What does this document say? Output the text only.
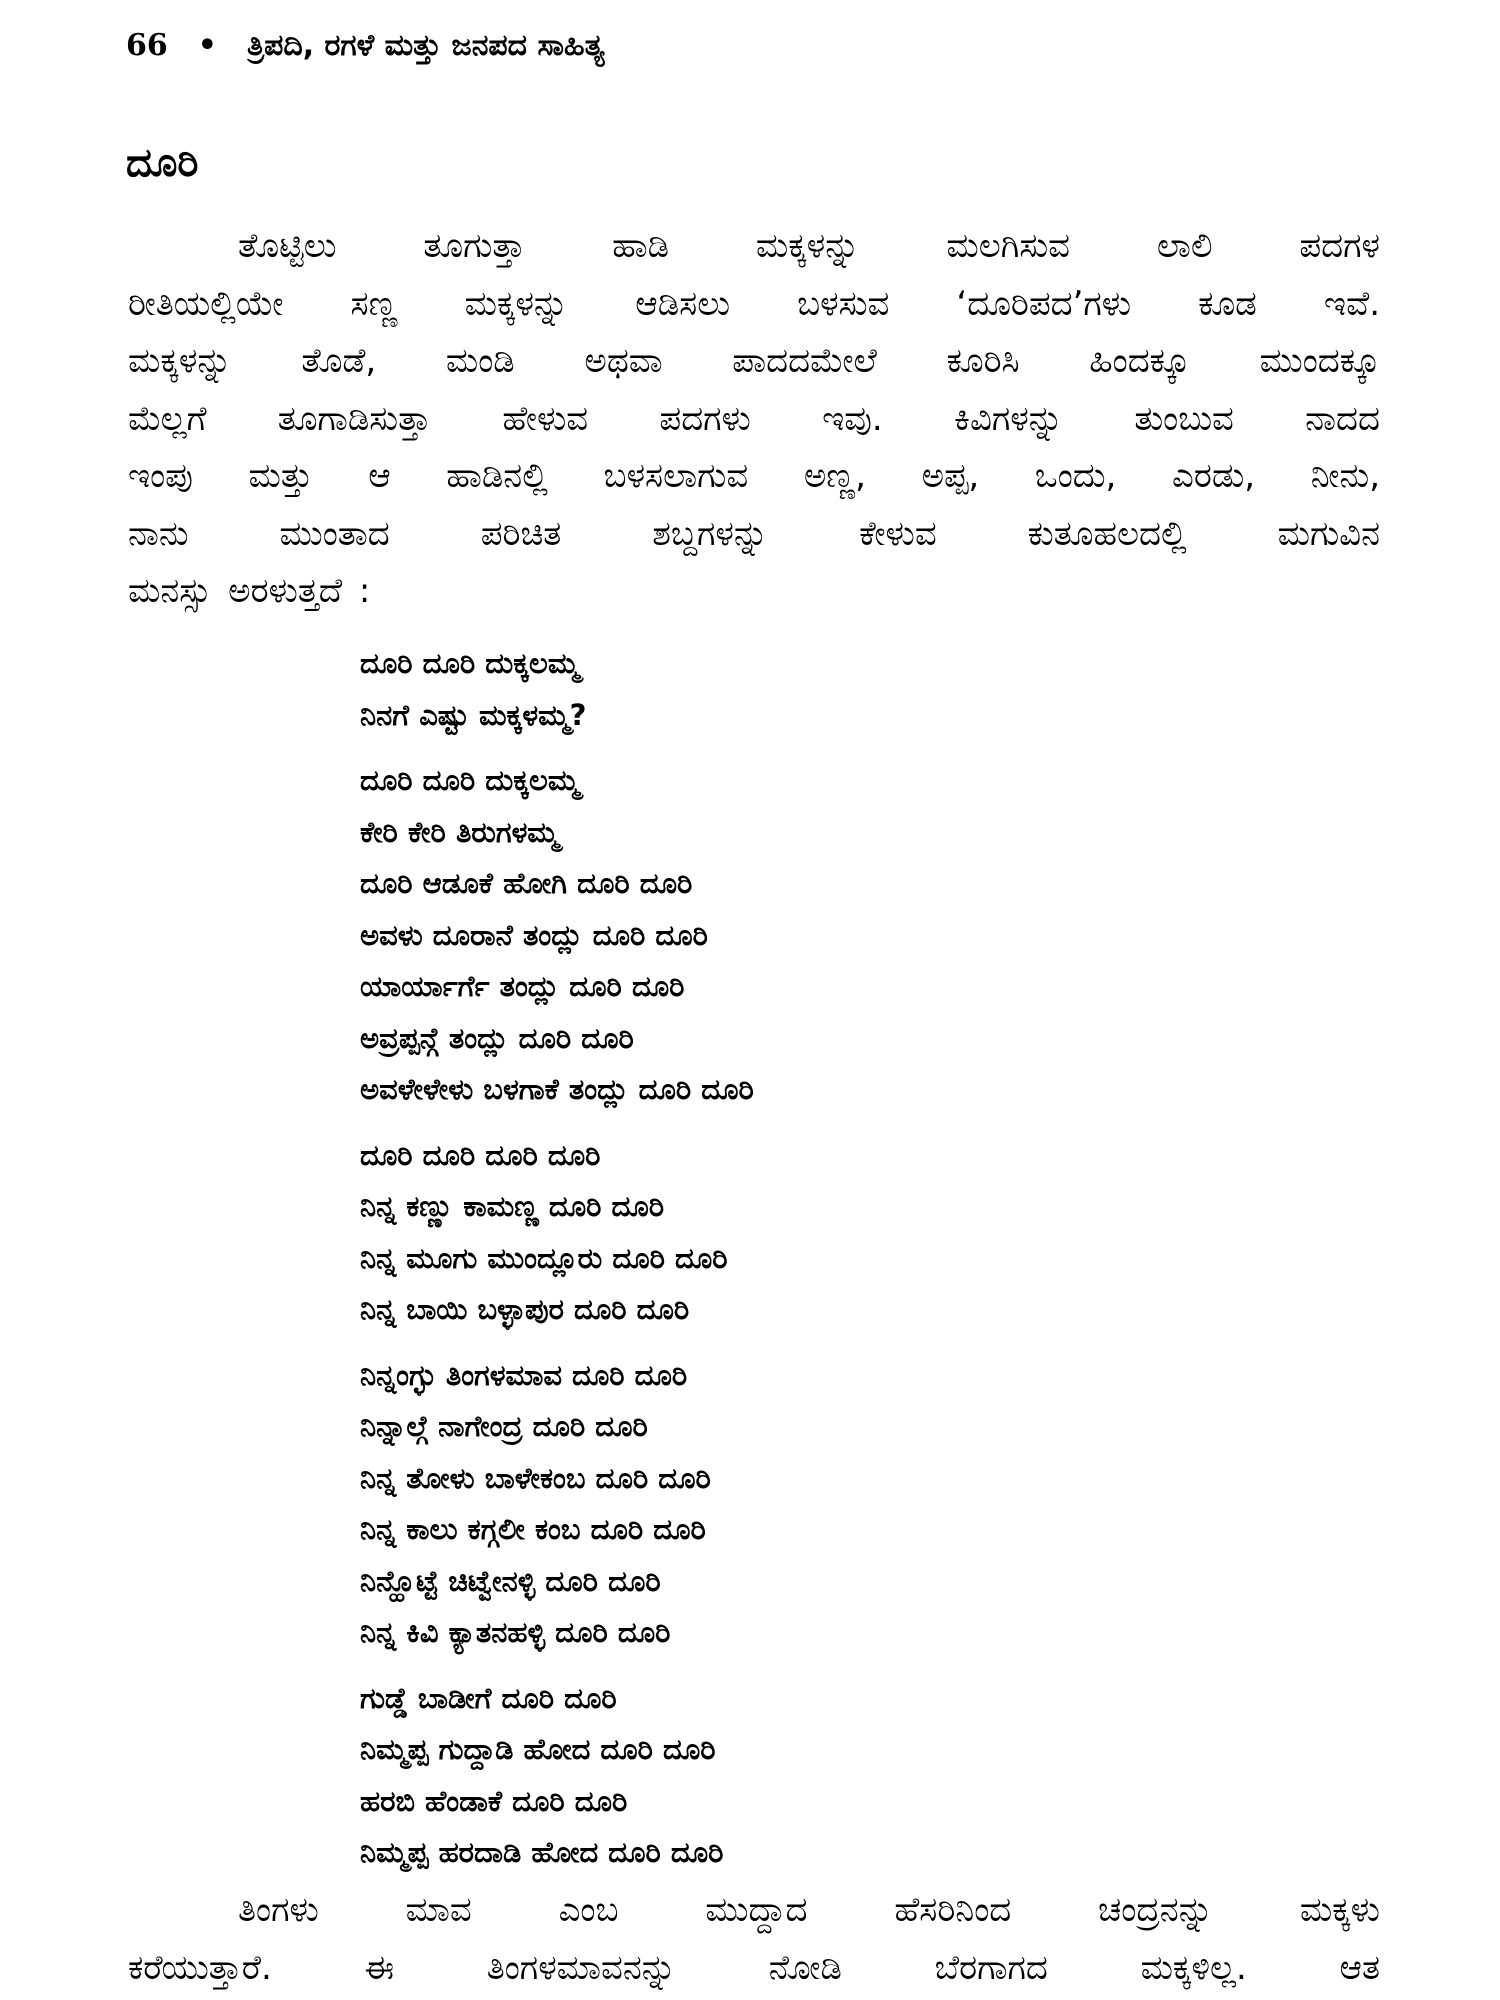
66 • ತ್ರಿಪದಿ, ರಗಳೆ ಮತ್ತು ಜನಪದ ಸಾಹಿತ್ಯ
ದೂರಿ
ತೊಟ್ಟಿಲು ತೂಗುತ್ತಾ ಹಾಡಿ ಮಕ್ಕಳನ್ನು ಮಲಗಿಸುವ ಲಾಲಿ ಪದಗಳ
ರೀತಿಯಲ್ಲಿಯೇ ಸಣ್ಣ ಮಕ್ಕಳನ್ನು ಆಡಿಸಲು ಬಳಸುವ ‘ದೂರಿಪದ’ಗಳು ಕೂಡ ಇವೆ.
ಮಕ್ಕಳನ್ನು ತೊಡೆ, ಮಂಡಿ ಅಥವಾ ಪಾದದಮೇಲೆ ಕೂರಿಸಿ ಹಿಂದಕ್ಕೂ ಮುಂದಕ್ಕೂ
ಮೆಲ್ಲಗೆ ತೂಗಾಡಿಸುತ್ತಾ ಹೇಳುವ ಪದಗಳು ಇವು. ಕಿವಿಗಳನ್ನು ತುಂಬುವ ನಾದದ
ಇಂಪು ಮತ್ತು ಆ ಹಾಡಿನಲ್ಲಿ ಬಳಸಲಾಗುವ ಅಣ್ಣ, ಅಪ್ಪ, ಒಂದು, ಎರಡು, ನೀನು,
ನಾನು ಮುಂತಾದ ಪರಿಚಿತ ಶಬ್ದಗಳನ್ನು ಕೇಳುವ ಕುತೂಹಲದಲ್ಲಿ ಮಗುವಿನ
ಮನಸ್ಸು ಅರಳುತ್ತದೆ :
ದೂರಿ ದೂರಿ ದುಕ್ಕಲಮ್ಮ
ನಿನಗೆ ಎಷ್ಟು ಮಕ್ಕಳಮ್ಮ?
ದೂರಿ ದೂರಿ ದುಕ್ಕಲಮ್ಮ
ಕೇರಿ ಕೇರಿ ತಿರುಗಳಮ್ಮ
ದೂರಿ ಆಡೂಕೆ ಹೋಗಿ ದೂರಿ ದೂರಿ
ಅವಳು ದೂರಾನೆ ತಂದ್ಲು ದೂರಿ ದೂರಿ
ಯಾರ್ಯಾರ್ಗೆ ತಂದ್ಲು ದೂರಿ ದೂರಿ
ಅವ್ರಪ್ಪನ್ಗೆ ತಂದ್ಲು ದೂರಿ ದೂರಿ
ಅವಳೇಳೇಳು ಬಳಗಾಕೆ ತಂದ್ಲು ದೂರಿ ದೂರಿ
ದೂರಿ ದೂರಿ ದೂರಿ ದೂರಿ
ನಿನ್ನ ಕಣ್ಣು ಕಾಮಣ್ಣ ದೂರಿ ದೂರಿ
ನಿನ್ನ ಮೂಗು ಮುಂದ್ಲೂರು ದೂರಿ ದೂರಿ
ನಿನ್ನ ಬಾಯಿ ಬಳ್ಳಾಪುರ ದೂರಿ ದೂರಿ
ನಿನ್ನಂಗ್ಳು ತಿಂಗಳಮಾವ ದೂರಿ ದೂರಿ
ನಿನ್ನಾಲ್ಗೆ ನಾಗೇಂದ್ರ ದೂರಿ ದೂರಿ
ನಿನ್ನ ತೋಳು ಬಾಳೇಕಂಬ ದೂರಿ ದೂರಿ
ನಿನ್ನ ಕಾಲು ಕಗ್ಗಲೀ ಕಂಬ ದೂರಿ ದೂರಿ
ನಿನ್ಹೊಟ್ಟೆ ಚಿಟ್ವೇನಳ್ಳಿ ದೂರಿ ದೂರಿ
ನಿನ್ನ ಕಿವಿ ಕ್ಯಾತನಹಳ್ಳಿ ದೂರಿ ದೂರಿ
ಗುಡ್ಡೆ ಬಾಡೀಗೆ ದೂರಿ ದೂರಿ
ನಿಮ್ಮಪ್ಪ ಗುದ್ದಾಡಿ ಹೋದ ದೂರಿ ದೂರಿ
ಹರಬಿ ಹೆಂಡಾಕೆ ದೂರಿ ದೂರಿ
ನಿಮ್ಮಪ್ಪ ಹರದಾಡಿ ಹೋದ ದೂರಿ ದೂರಿ
ತಿಂಗಳು ಮಾವ ಎಂಬ ಮುದ್ದಾದ ಹೆಸರಿನಿಂದ ಚಂದ್ರನನ್ನು ಮಕ್ಕಳು
ಕರೆಯುತ್ತಾರೆ. ಈ ತಿಂಗಳಮಾವನನ್ನು ನೋಡಿ ಬೆರಗಾಗದ ಮಕ್ಕಳಿಲ್ಲ. ಆತ
